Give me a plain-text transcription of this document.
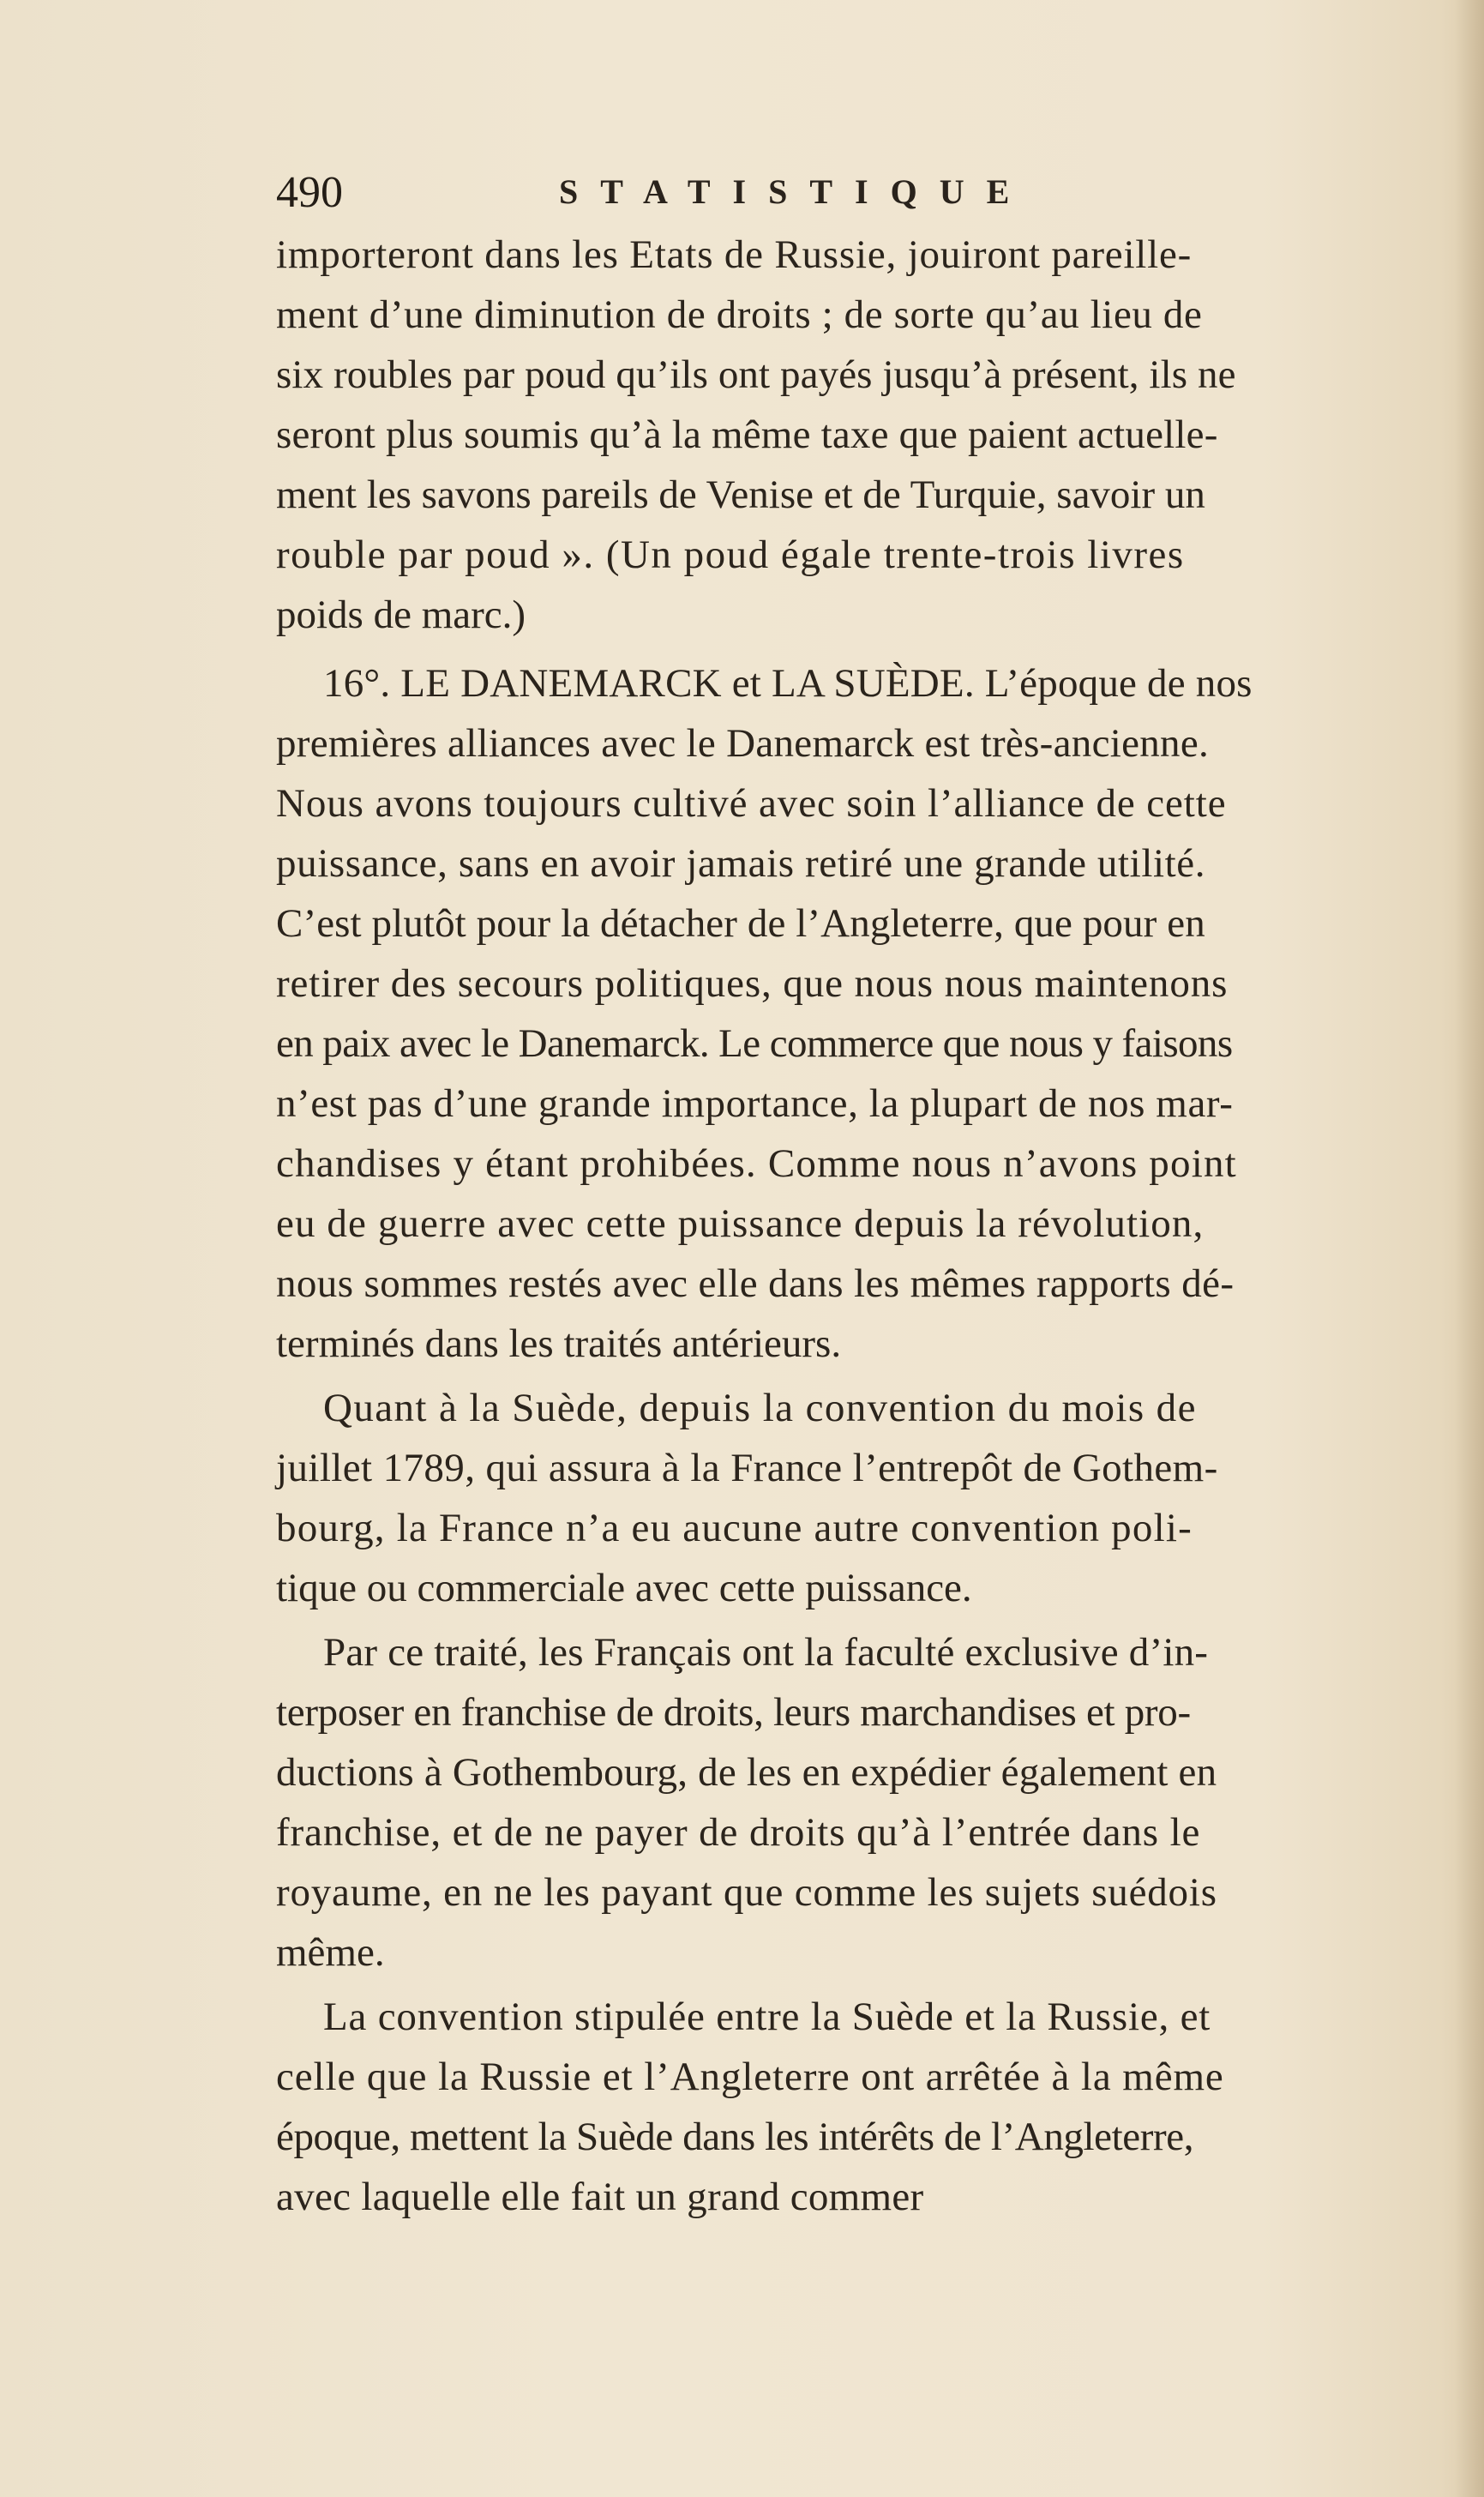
490	STATISTIQUE
importeront dans les Etats de Russie, jouiront pareille-
ment d’une diminution de droits ; de sorte qu’au lieu de
six roubles par poud qu’ils ont payés jusqu’à présent, ils ne
seront plus soumis qu’à la même taxe que paient actuelle-
ment les savons pareils de Venise et de Turquie, savoir un
rouble par poud ». (Un poud égale trente-trois livres
poids de marc.)
16°. LE DANEMARCK et LA SUÈDE. L’époque de nos
premières alliances avec le Danemarck est très-ancienne.
Nous avons toujours cultivé avec soin l’alliance de cette
puissance, sans en avoir jamais retiré une grande utilité.
C’est plutôt pour la détacher de l’Angleterre, que pour en
retirer des secours politiques, que nous nous maintenons
en paix avec le Danemarck. Le commerce que nous y faisons
n’est pas d’une grande importance, la plupart de nos mar-
chandises y étant prohibées. Comme nous n’avons point
eu de guerre avec cette puissance depuis la révolution,
nous sommes restés avec elle dans les mêmes rapports dé-
terminés dans les traités antérieurs.
Quant à la Suède, depuis la convention du mois de
juillet 1789, qui assura à la France l’entrepôt de Gothem-
bourg, la France n’a eu aucune autre convention poli-
tique ou commerciale avec cette puissance.
Par ce traité, les Français ont la faculté exclusive d’in-
terposer en franchise de droits, leurs marchandises et pro-
ductions à Gothembourg, de les en expédier également en
franchise, et de ne payer de droits qu’à l’entrée dans le
royaume, en ne les payant que comme les sujets suédois
même.
La convention stipulée entre la Suède et la Russie, et
celle que la Russie et l’Angleterre ont arrêtée à la même
époque, mettent la Suède dans les intérêts de l’Angleterre,
avec laquelle elle fait un grand commer
